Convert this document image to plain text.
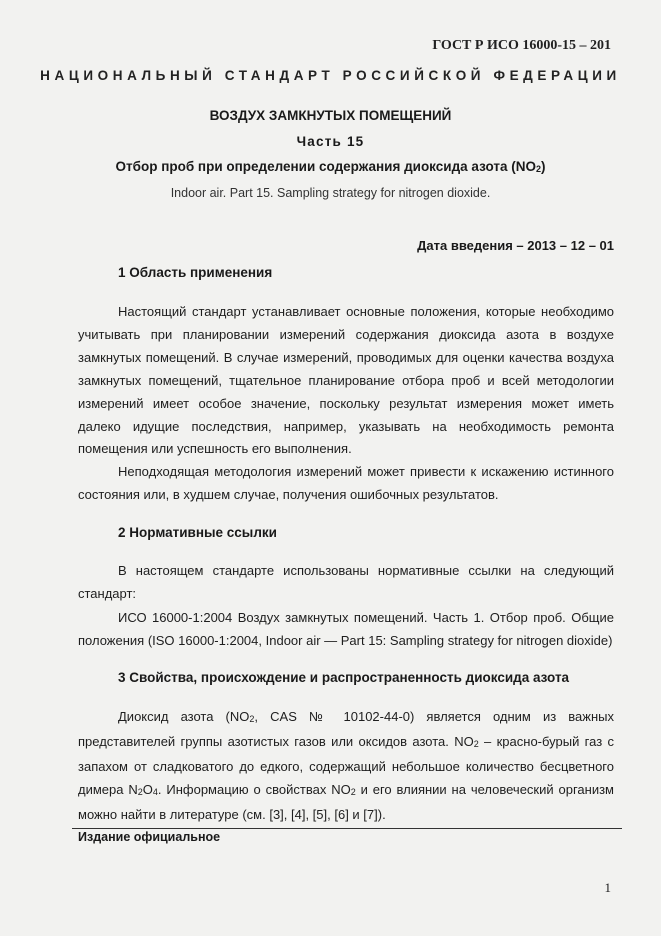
ГОСТ Р ИСО 16000-15 – 201
НАЦИОНАЛЬНЫЙ СТАНДАРТ РОССИЙСКОЙ ФЕДЕРАЦИИ
ВОЗДУХ ЗАМКНУТЫХ ПОМЕЩЕНИЙ
Часть 15
Отбор проб при определении содержания диоксида азота $(NO_2)$
Indoor air. Part 15. Sampling strategy for nitrogen dioxide.
Дата введения – 2013 – 12 – 01
1 Область применения
Настоящий стандарт устанавливает основные положения, которые необходимо учитывать при планировании измерений содержания диоксида азота в воздухе замкнутых помещений. В случае измерений, проводимых для оценки качества воздуха замкнутых помещений, тщательное планирование отбора проб и всей методологии измерений имеет особое значение, поскольку результат измерения может иметь далеко идущие последствия, например, указывать на необходимость ремонта помещения или успешность его выполнения.
Неподходящая методология измерений может привести к искажению истинного состояния или, в худшем случае, получения ошибочных результатов.
2 Нормативные ссылки
В настоящем стандарте использованы нормативные ссылки на следующий стандарт:
ИСО 16000-1:2004 Воздух замкнутых помещений. Часть 1. Отбор проб. Общие положения (ISO 16000-1:2004, Indoor air — Part 15: Sampling strategy for nitrogen dioxide)
3 Свойства, происхождение и распространенность диоксида азота
Диоксид азота ($NO_2$, CAS № 10102-44-0) является одним из важных представителей группы азотистых газов или оксидов азота. $NO_2$ – красно-бурый газ с запахом от сладковатого до едкого, содержащий небольшое количество бесцветного димера $N_2O_4$. Информацию о свойствах $NO_2$ и его влиянии на человеческий организм можно найти в литературе (см. [3], [4], [5], [6] и [7]).
Издание официальное
1
